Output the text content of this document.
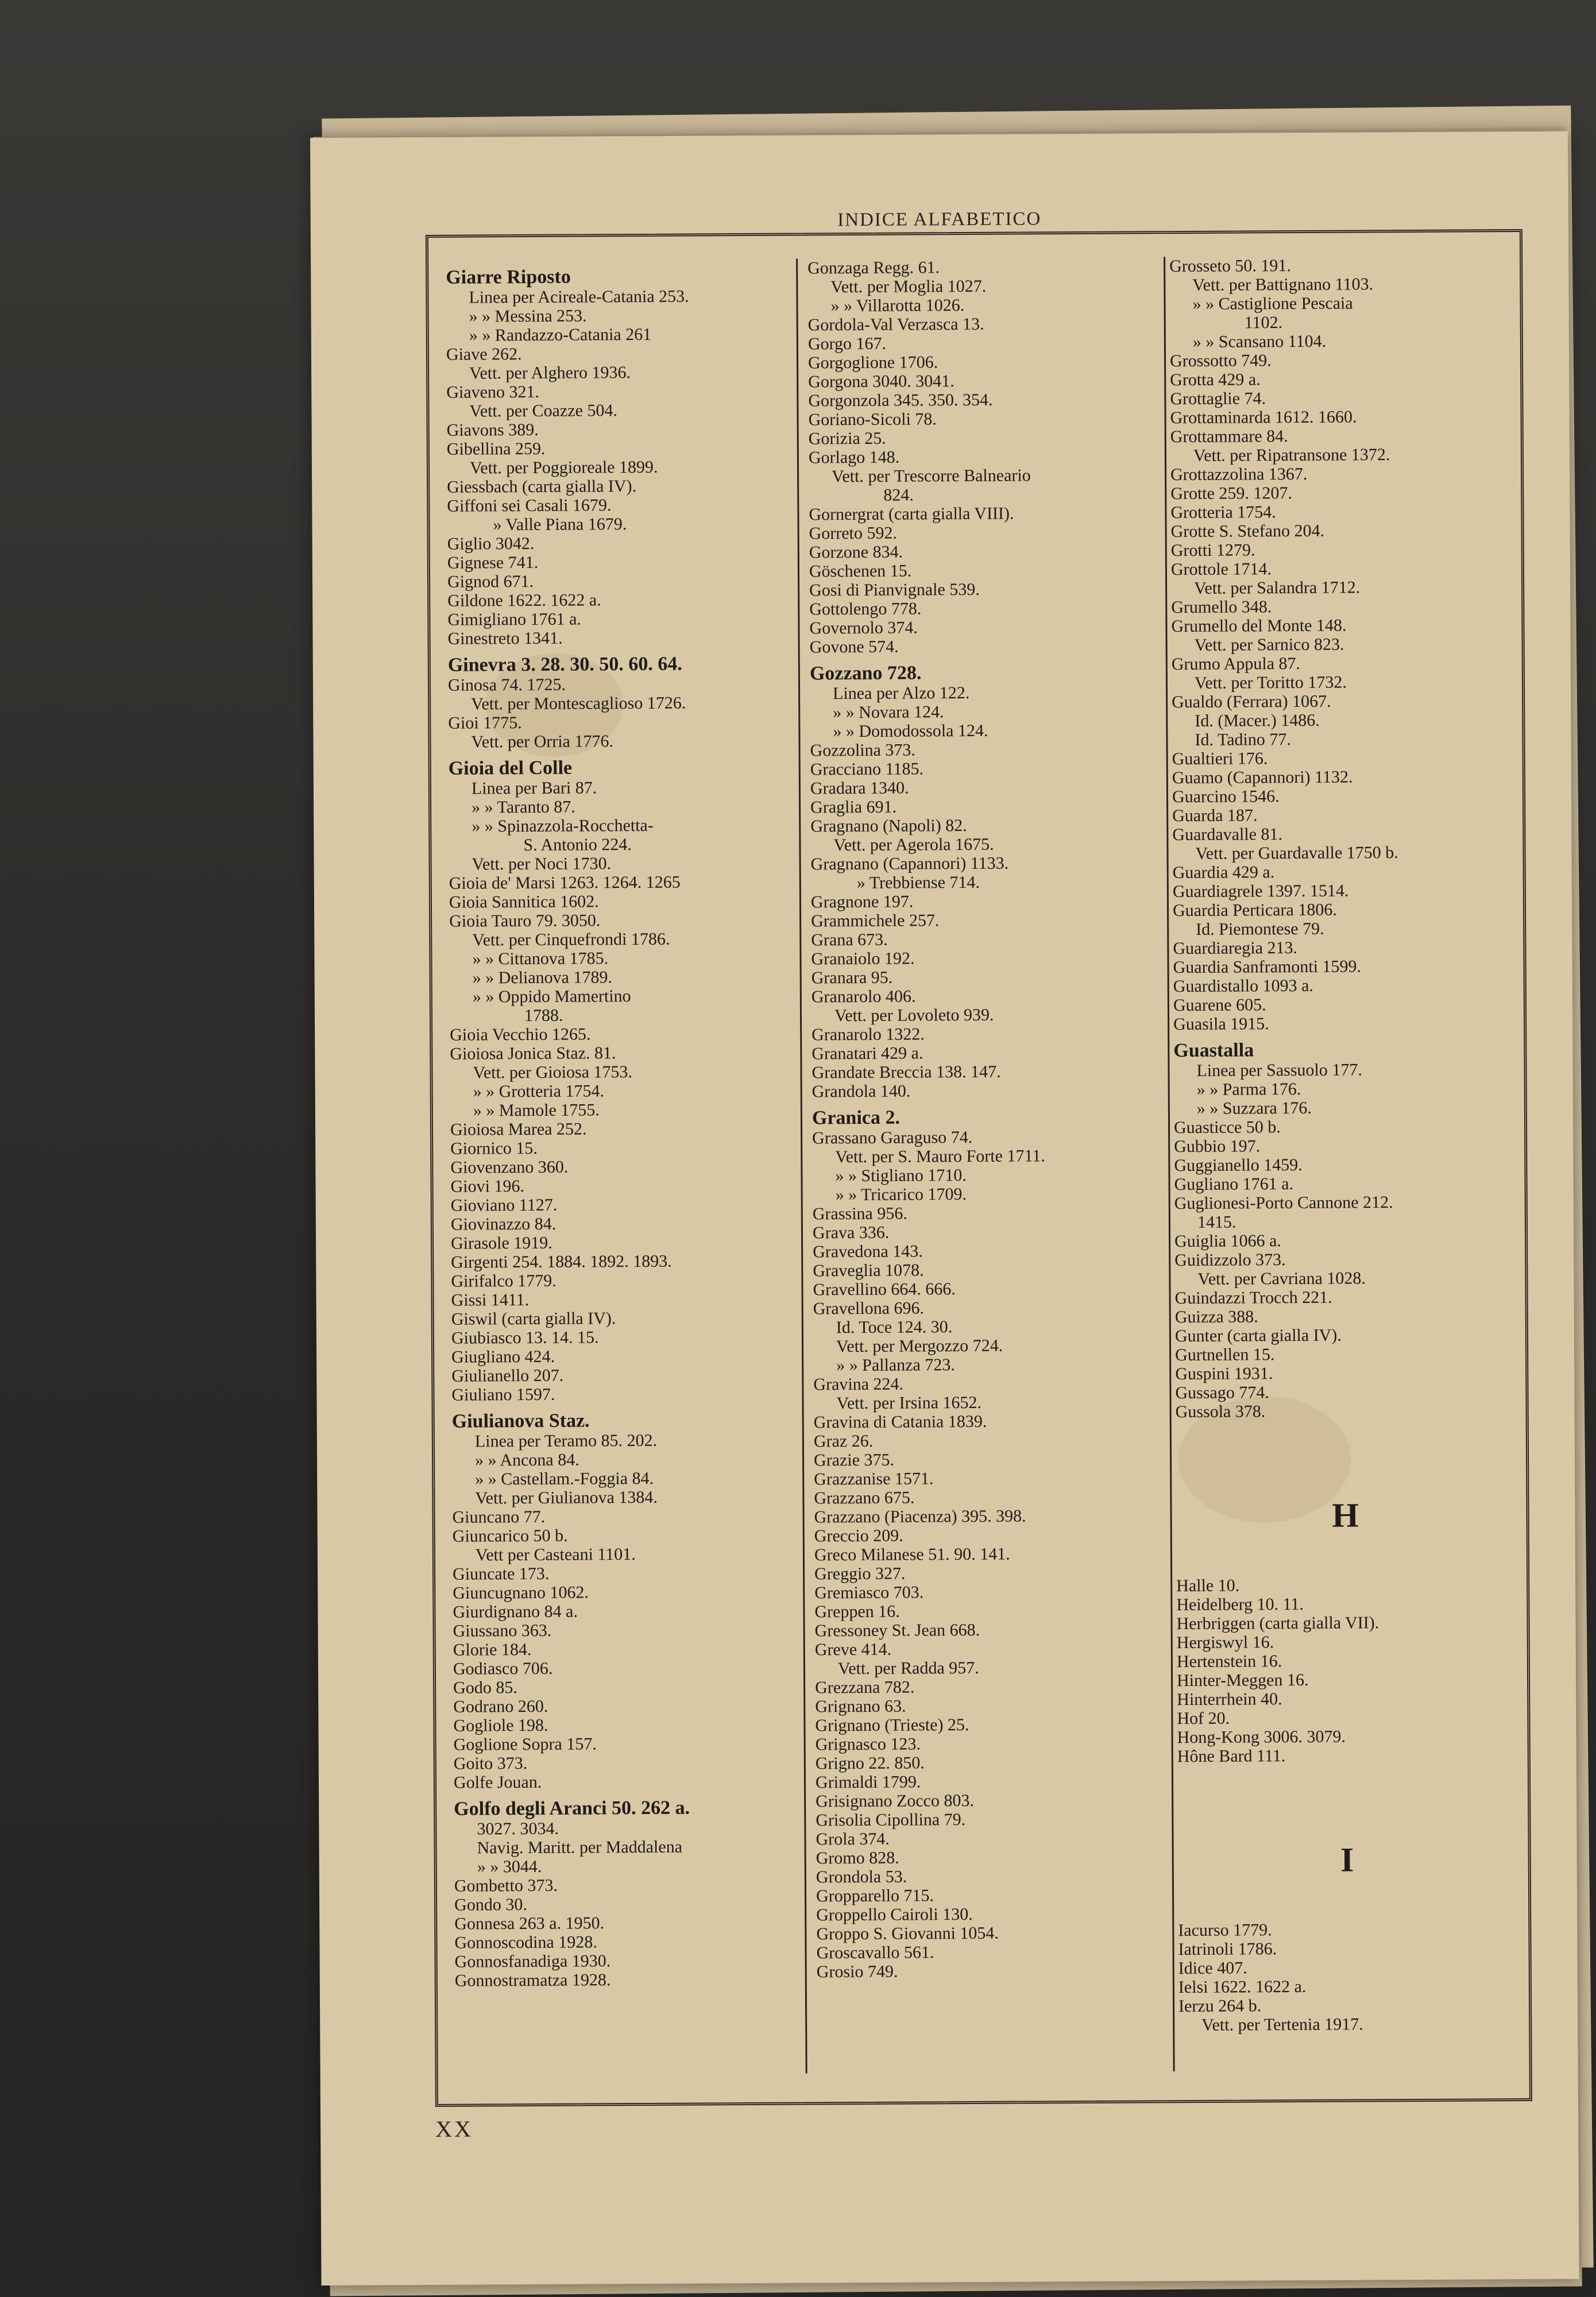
INDICE ALFABETICO
Giarre Riposto
Linea per Acireale-Catania 253.
» » Messina 253.
» » Randazzo-Catania 261
Giave 262.
Vett. per Alghero 1936.
Giaveno 321.
Vett. per Coazze 504.
Giavons 389.
Gibellina 259.
Vett. per Poggioreale 1899.
Giessbach (carta gialla IV).
Giffoni sei Casali 1679.
» Valle Piana 1679.
Giglio 3042.
Gignese 741.
Gignod 671.
Gildone 1622. 1622 a.
Gimigliano 1761 a.
Ginestreto 1341.
Ginevra 3. 28. 30. 50. 60. 64.
Ginosa 74. 1725.
Vett. per Montescaglioso 1726.
Gioi 1775.
Vett. per Orria 1776.
Gioia del Colle
Linea per Bari 87.
» » Taranto 87.
» » Spinazzola-Rocchetta-
S. Antonio 224.
Vett. per Noci 1730.
Gioia de' Marsi 1263. 1264. 1265
Gioia Sannitica 1602.
Gioia Tauro 79. 3050.
Vett. per Cinquefrondi 1786.
» » Cittanova 1785.
» » Delianova 1789.
» » Oppido Mamertino
1788.
Gioia Vecchio 1265.
Gioiosa Jonica Staz. 81.
Vett. per Gioiosa 1753.
» » Grotteria 1754.
» » Mamole 1755.
Gioiosa Marea 252.
Giornico 15.
Giovenzano 360.
Giovi 196.
Gioviano 1127.
Giovinazzo 84.
Girasole 1919.
Girgenti 254. 1884. 1892. 1893.
Girifalco 1779.
Gissi 1411.
Giswil (carta gialla IV).
Giubiasco 13. 14. 15.
Giugliano 424.
Giulianello 207.
Giuliano 1597.
Giulianova Staz.
Linea per Teramo 85. 202.
» » Ancona 84.
» » Castellam.-Foggia 84.
Vett. per Giulianova 1384.
Giuncano 77.
Giuncarico 50 b.
Vett per Casteani 1101.
Giuncate 173.
Giuncugnano 1062.
Giurdignano 84 a.
Giussano 363.
Glorie 184.
Godiasco 706.
Godo 85.
Godrano 260.
Gogliole 198.
Goglione Sopra 157.
Goito 373.
Golfe Jouan.
Golfo degli Aranci 50. 262 a.
3027. 3034.
Navig. Maritt. per Maddalena
» » 3044.
Gombetto 373.
Gondo 30.
Gonnesa 263 a. 1950.
Gonnoscodina 1928.
Gonnosfanadiga 1930.
Gonnostramatza 1928.
Gonzaga Regg. 61.
Vett. per Moglia 1027.
» » Villarotta 1026.
Gordola-Val Verzasca 13.
Gorgo 167.
Gorgoglione 1706.
Gorgona 3040. 3041.
Gorgonzola 345. 350. 354.
Goriano-Sicoli 78.
Gorizia 25.
Gorlago 148.
Vett. per Trescorre Balneario
824.
Gornergrat (carta gialla VIII).
Gorreto 592.
Gorzone 834.
Göschenen 15.
Gosi di Pianvignale 539.
Gottolengo 778.
Governolo 374.
Govone 574.
Gozzano 728.
Linea per Alzo 122.
» » Novara 124.
» » Domodossola 124.
Gozzolina 373.
Gracciano 1185.
Gradara 1340.
Graglia 691.
Gragnano (Napoli) 82.
Vett. per Agerola 1675.
Gragnano (Capannori) 1133.
» Trebbiense 714.
Gragnone 197.
Grammichele 257.
Grana 673.
Granaiolo 192.
Granara 95.
Granarolo 406.
Vett. per Lovoleto 939.
Granarolo 1322.
Granatari 429 a.
Grandate Breccia 138. 147.
Grandola 140.
Granica 2.
Grassano Garaguso 74.
Vett. per S. Mauro Forte 1711.
» » Stigliano 1710.
» » Tricarico 1709.
Grassina 956.
Grava 336.
Gravedona 143.
Graveglia 1078.
Gravellino 664. 666.
Gravellona 696.
Id. Toce 124. 30.
Vett. per Mergozzo 724.
» » Pallanza 723.
Gravina 224.
Vett. per Irsina 1652.
Gravina di Catania 1839.
Graz 26.
Grazie 375.
Grazzanise 1571.
Grazzano 675.
Grazzano (Piacenza) 395. 398.
Greccio 209.
Greco Milanese 51. 90. 141.
Greggio 327.
Gremiasco 703.
Greppen 16.
Gressoney St. Jean 668.
Greve 414.
Vett. per Radda 957.
Grezzana 782.
Grignano 63.
Grignano (Trieste) 25.
Grignasco 123.
Grigno 22. 850.
Grimaldi 1799.
Grisignano Zocco 803.
Grisolia Cipollina 79.
Grola 374.
Gromo 828.
Grondola 53.
Gropparello 715.
Groppello Cairoli 130.
Groppo S. Giovanni 1054.
Groscavallo 561.
Grosio 749.
Grosseto 50. 191.
Vett. per Battignano 1103.
» » Castiglione Pescaia
1102.
» » Scansano 1104.
Grossotto 749.
Grotta 429 a.
Grottaglie 74.
Grottaminarda 1612. 1660.
Grottammare 84.
Vett. per Ripatransone 1372.
Grottazzolina 1367.
Grotte 259. 1207.
Grotteria 1754.
Grotte S. Stefano 204.
Grotti 1279.
Grottole 1714.
Vett. per Salandra 1712.
Grumello 348.
Grumello del Monte 148.
Vett. per Sarnico 823.
Grumo Appula 87.
Vett. per Toritto 1732.
Gualdo (Ferrara) 1067.
Id. (Macer.) 1486.
Id. Tadino 77.
Gualtieri 176.
Guamo (Capannori) 1132.
Guarcino 1546.
Guarda 187.
Guardavalle 81.
Vett. per Guardavalle 1750 b.
Guardia 429 a.
Guardiagrele 1397. 1514.
Guardia Perticara 1806.
Id. Piemontese 79.
Guardiaregia 213.
Guardia Sanframonti 1599.
Guardistallo 1093 a.
Guarene 605.
Guasila 1915.
Guastalla
Linea per Sassuolo 177.
» » Parma 176.
» » Suzzara 176.
Guasticce 50 b.
Gubbio 197.
Guggianello 1459.
Gugliano 1761 a.
Guglionesi-Porto Cannone 212.
1415.
Guiglia 1066 a.
Guidizzolo 373.
Vett. per Cavriana 1028.
Guindazzi Trocch 221.
Guizza 388.
Gunter (carta gialla IV).
Gurtnellen 15.
Guspini 1931.
Gussago 774.
Gussola 378.
H
Halle 10.
Heidelberg 10. 11.
Herbriggen (carta gialla VII).
Hergiswyl 16.
Hertenstein 16.
Hinter-Meggen 16.
Hinterrhein 40.
Hof 20.
Hong-Kong 3006. 3079.
Hône Bard 111.
I
Iacurso 1779.
Iatrinoli 1786.
Idice 407.
Ielsi 1622. 1622 a.
Ierzu 264 b.
Vett. per Tertenia 1917.
XX
